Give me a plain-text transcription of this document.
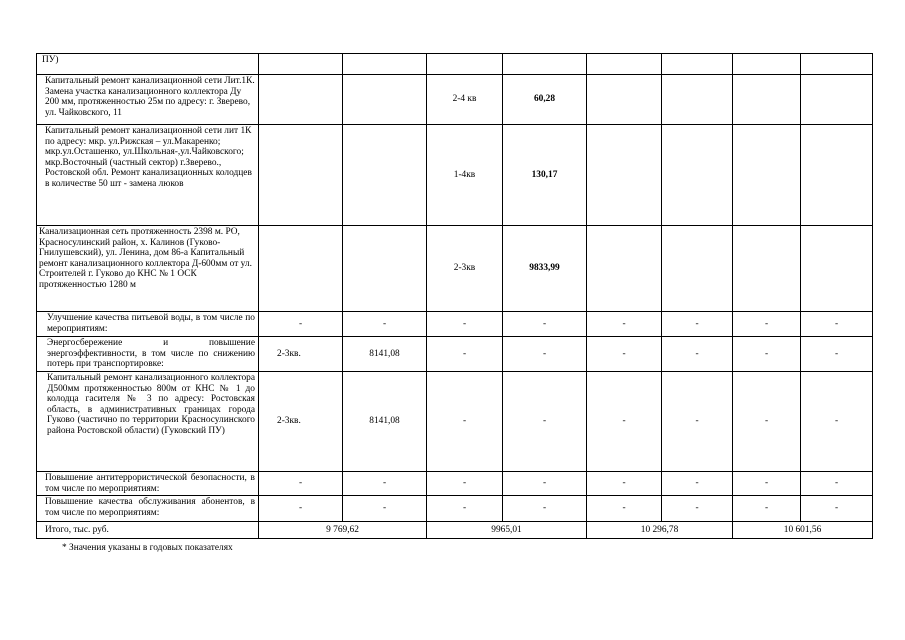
ПУ)								
Капитальный ремонт канализационной сети Лит.1К. Замена участка канализационного коллектора Ду 200 мм, протяженностью 25м по адресу: г. Зверево, ул. Чайковского, 11			2-4 кв	60,28				
Капитальный ремонт канализационной сети лит 1К по адресу: мкр. ул.Рижская – ул.Макаренко; мкр.ул.Осташенко, ул.Школьная-,ул.Чайковского; мкр.Восточный (частный сектор) г.Зверево., Ростовской обл. Ремонт канализационных колодцев в количестве 50 шт - замена люков			1-4кв	130,17				
Канализационная сеть протяженность 2398 м. РО, Красносулинский район, х. Калинов (Гуково-Гнилушевский), ул. Ленина, дом 86-а Капитальный ремонт канализационного коллектора Д-600мм от ул. Строителей г. Гуково до КНС № 1 ОСК протяженностью 1280 м			2-3кв	9833,99				
Улучшение качества питьевой воды, в том числе по мероприятиям:	-	-	-	-	-	-	-	-
Энергосбережение и повышение энергоэффективности, в том числе по снижению потерь при транспортировке:	2-3кв.	8141,08	-	-	-	-	-	-
Капитальный ремонт канализационного коллектора Д500мм протяженностью 800м от КНС № 1 до колодца гасителя № 3 по адресу: Ростовская область, в административных границах города Гуково (частично по территории Красносулинского района Ростовской области) (Гуковский ПУ)	2-3кв.	8141,08	-	-	-	-	-	-
Повышение антитеррористической безопасности, в том числе по мероприятиям:	-	-	-	-	-	-	-	-
Повышение качества обслуживания абонентов, в том числе по мероприятиям:	-	-	-	-	-	-	-	-
Итого, тыс. руб.	9 769,62		9965,01		10 296,78		10 601,56	
* Значения указаны в годовых показателях
